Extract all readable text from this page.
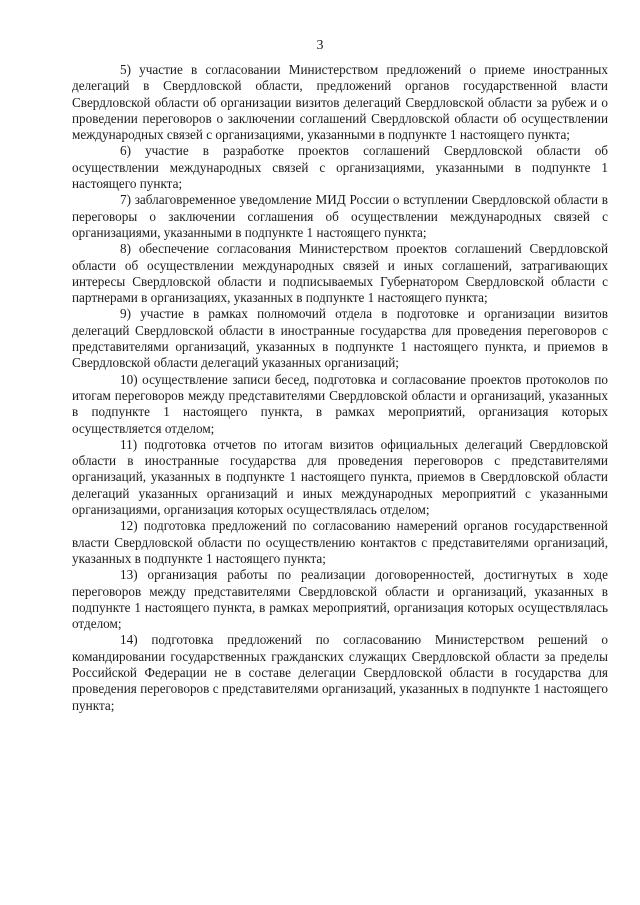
3

5) участие в согласовании Министерством предложений о приеме иностранных делегаций в Свердловской области, предложений органов государственной власти Свердловской области об организации визитов делегаций Свердловской области за рубеж и о проведении переговоров о заключении соглашений Свердловской области об осуществлении международных связей с организациями, указанными в подпункте 1 настоящего пункта;

6) участие в разработке проектов соглашений Свердловской области об осуществлении международных связей с организациями, указанными в подпункте 1 настоящего пункта;

7) заблаговременное уведомление МИД России о вступлении Свердловской области в переговоры о заключении соглашения об осуществлении международных связей с организациями, указанными в подпункте 1 настоящего пункта;

8) обеспечение согласования Министерством проектов соглашений Свердловской области об осуществлении международных связей и иных соглашений, затрагивающих интересы Свердловской области и подписываемых Губернатором Свердловской области с партнерами в организациях, указанных в подпункте 1 настоящего пункта;

9) участие в рамках полномочий отдела в подготовке и организации визитов делегаций Свердловской области в иностранные государства для проведения переговоров с представителями организаций, указанных в подпункте 1 настоящего пункта, и приемов в Свердловской области делегаций указанных организаций;

10) осуществление записи бесед, подготовка и согласование проектов протоколов по итогам переговоров между представителями Свердловской области и организаций, указанных в подпункте 1 настоящего пункта, в рамках мероприятий, организация которых осуществляется отделом;

11) подготовка отчетов по итогам визитов официальных делегаций Свердловской области в иностранные государства для проведения переговоров с представителями организаций, указанных в подпункте 1 настоящего пункта, приемов в Свердловской области делегаций указанных организаций и иных международных мероприятий с указанными организациями, организация которых осуществлялась отделом;

12) подготовка предложений по согласованию намерений органов государственной власти Свердловской области по осуществлению контактов с представителями организаций, указанных в подпункте 1 настоящего пункта;

13) организация работы по реализации договоренностей, достигнутых в ходе переговоров между представителями Свердловской области и организаций, указанных в подпункте 1 настоящего пункта, в рамках мероприятий, организация которых осуществлялась отделом;

14) подготовка предложений по согласованию Министерством решений о командировании государственных гражданских служащих Свердловской области за пределы Российской Федерации не в составе делегации Свердловской области в государства для проведения переговоров с представителями организаций, указанных в подпункте 1 настоящего пункта;
